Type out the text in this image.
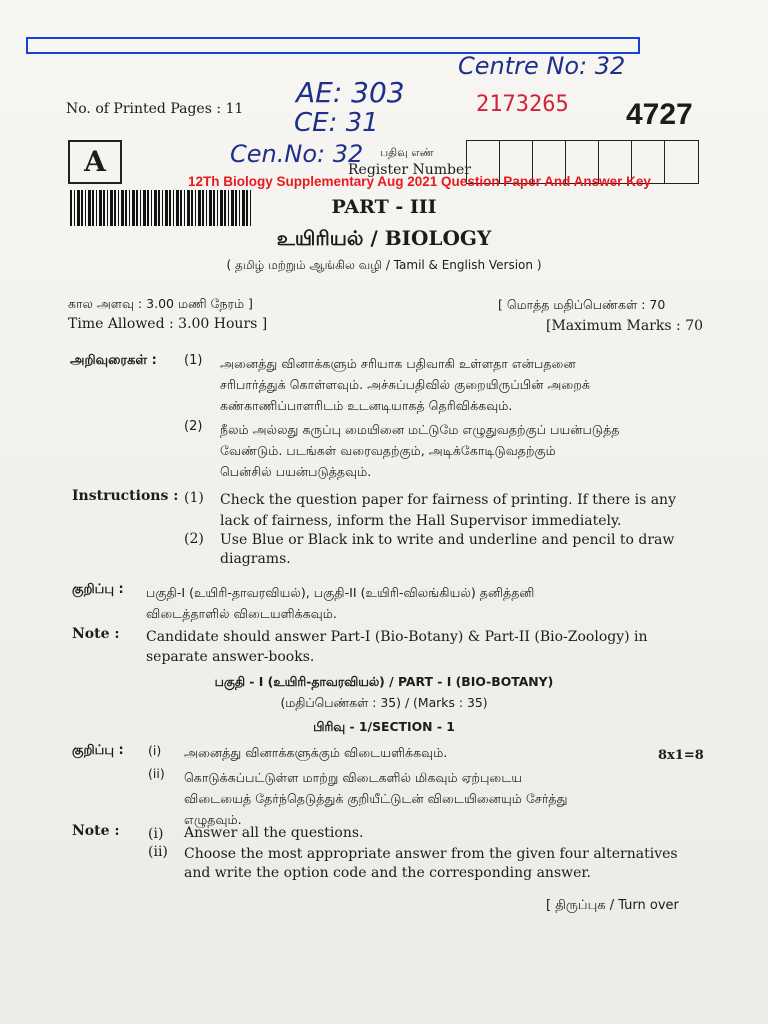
No. of Printed Pages : 11
Centre No: 32
AE: 303
CE: 31
Cen.No: 32
2173265 4727
பதிவு எண்
Register Number
A
12Th Biology Supplementary Aug 2021 Question Paper And Answer Key
PART - III
உயிரியல் / BIOLOGY
( தமிழ் மற்றும் ஆங்கில வழி / Tamil & English Version )
கால அளவு : 3.00 மணி நேரம் ]
Time Allowed : 3.00 Hours ]
[ மொத்த மதிப்பெண்கள் : 70
[Maximum Marks : 70
அறிவுரைகள் : (1) அனைத்து வினாக்களும் சரியாக பதிவாகி உள்ளதா என்பதனை
சரிபார்த்துக் கொள்ளவும். அச்சுப்பதிவில் குறையிருப்பின் அறைக்
கண்காணிப்பாளரிடம் உடனடியாகத் தெரிவிக்கவும்.
(2) நீலம் அல்லது கருப்பு மையினை மட்டுமே எழுதுவதற்குப் பயன்படுத்த
வேண்டும். படங்கள் வரைவதற்கும், அடிக்கோடிடுவதற்கும்
பென்சில் பயன்படுத்தவும்.
Instructions : (1) Check the question paper for fairness of printing. If there is any
lack of fairness, inform the Hall Supervisor immediately.
(2) Use Blue or Black ink to write and underline and pencil to draw
diagrams.
குறிப்பு : பகுதி-I (உயிரி-தாவரவியல்), பகுதி-II (உயிரி-விலங்கியல்) தனித்தனி
விடைத்தாளில் விடையளிக்கவும்.
Note : Candidate should answer Part-I (Bio-Botany) & Part-II (Bio-Zoology) in
separate answer-books.
பகுதி - I (உயிரி-தாவரவியல்) / PART - I (BIO-BOTANY)
(மதிப்பெண்கள் : 35) / (Marks : 35)
பிரிவு - 1/SECTION - 1
குறிப்பு : (i) அனைத்து வினாக்களுக்கும் விடையளிக்கவும்.	8x1=8
(ii) கொடுக்கப்பட்டுள்ள மாற்று விடைகளில் மிகவும் ஏற்புடைய
விடையைத் தேர்ந்தெடுத்துக் குறியீட்டுடன் விடையினையும் சேர்த்து
எழுதவும்.
Note : (i) Answer all the questions.
(ii) Choose the most appropriate answer from the given four alternatives
and write the option code and the corresponding answer.
[ திருப்புக / Turn over
